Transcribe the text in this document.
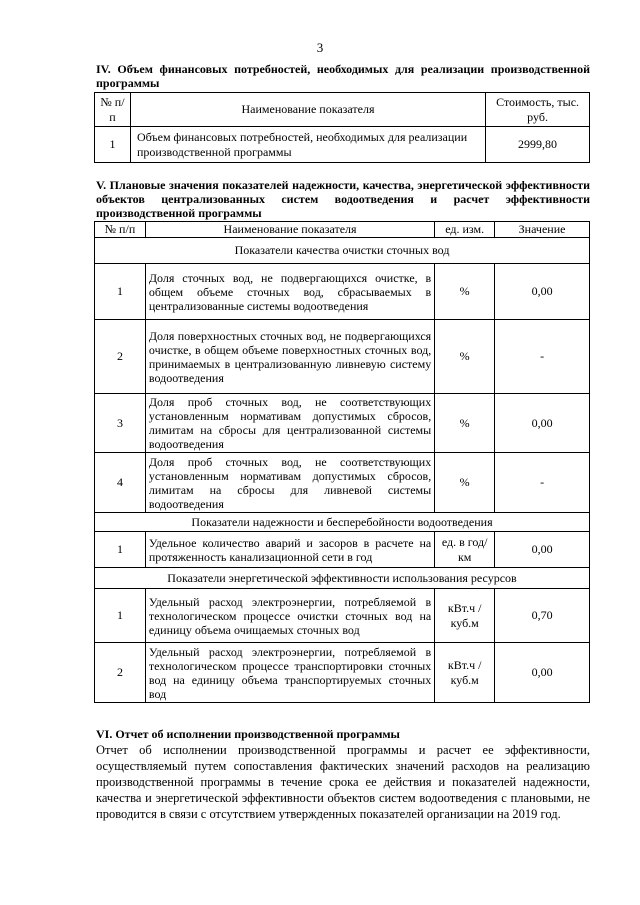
3
IV. Объем финансовых потребностей, необходимых для реализации производственной программы
№ п/п	Наименование показателя	Стоимость, тыс. руб.
1	Объем финансовых потребностей, необходимых для реализации производственной программы	2999,80
V. Плановые значения показателей надежности, качества, энергетической эффективности объектов централизованных систем водоотведения и расчет эффективности производственной программы
№ п/п	Наименование показателя	ед. изм.	Значение
Показатели качества очистки сточных вод			
1	Доля сточных вод, не подвергающихся очистке, в общем объеме сточных вод, сбрасываемых в централизованные системы водоотведения	%	0,00
2	Доля поверхностных сточных вод, не подвергающихся очистке, в общем объеме поверхностных сточных вод, принимаемых в централизованную ливневую систему водоотведения	%	-
3	Доля проб сточных вод, не соответствующих установленным нормативам допустимых сбросов, лимитам на сбросы для централизованной системы водоотведения	%	0,00
4	Доля проб сточных вод, не соответствующих установленным нормативам допустимых сбросов, лимитам на сбросы для ливневой системы водоотведения	%	-
Показатели надежности и бесперебойности водоотведения			
1	Удельное количество аварий и засоров в расчете на протяженность канализационной сети в год	ед. в год/ км	0,00
Показатели энергетической эффективности использования ресурсов			
1	Удельный расход электроэнергии, потребляемой в технологическом процессе очистки сточных вод на единицу объема очищаемых сточных вод	кВт.ч / куб.м	0,70
2	Удельный расход электроэнергии, потребляемой в технологическом процессе транспортировки сточных вод на единицу объема транспортируемых сточных вод	кВт.ч / куб.м	0,00
VI. Отчет об исполнении производственной программы
Отчет об исполнении производственной программы и расчет ее эффективности, осуществляемый путем сопоставления фактических значений расходов на реализацию производственной программы в течение срока ее действия и показателей надежности, качества и энергетической эффективности объектов систем водоотведения с плановыми, не проводится в связи с отсутствием утвержденных показателей организации на 2019 год.
